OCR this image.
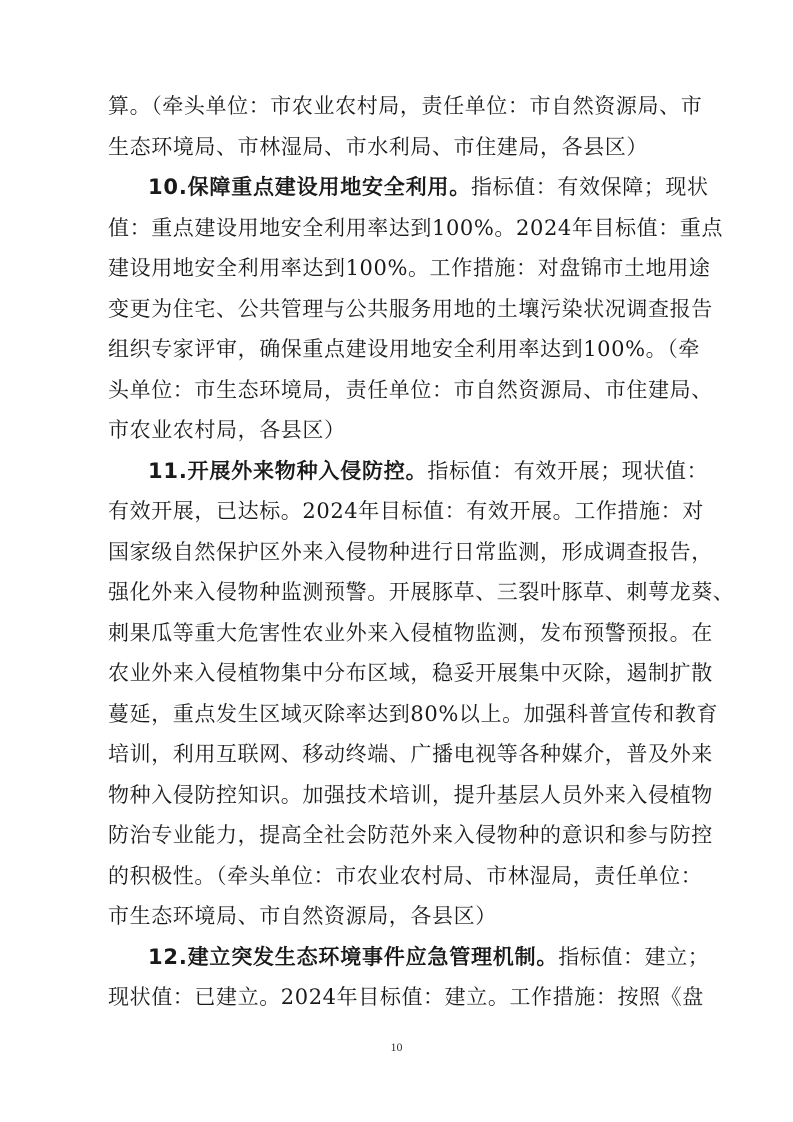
算。（牵头单位：市农业农村局，责任单位：市自然资源局、市
生态环境局、市林湿局、市水利局、市住建局，各县区）
10.保障重点建设用地安全利用。指标值：有效保障；现状
值：重点建设用地安全利用率达到100%。2024年目标值：重点
建设用地安全利用率达到100%。工作措施：对盘锦市土地用途
变更为住宅、公共管理与公共服务用地的土壤污染状况调查报告
组织专家评审，确保重点建设用地安全利用率达到100%。（牵
头单位：市生态环境局，责任单位：市自然资源局、市住建局、
市农业农村局，各县区）
11.开展外来物种入侵防控。指标值：有效开展；现状值：
有效开展，已达标。2024年目标值：有效开展。工作措施：对
国家级自然保护区外来入侵物种进行日常监测，形成调查报告，
强化外来入侵物种监测预警。开展豚草、三裂叶豚草、刺萼龙葵、
刺果瓜等重大危害性农业外来入侵植物监测，发布预警预报。在
农业外来入侵植物集中分布区域，稳妥开展集中灭除，遏制扩散
蔓延，重点发生区域灭除率达到80%以上。加强科普宣传和教育
培训，利用互联网、移动终端、广播电视等各种媒介，普及外来
物种入侵防控知识。加强技术培训，提升基层人员外来入侵植物
防治专业能力，提高全社会防范外来入侵物种的意识和参与防控
的积极性。（牵头单位：市农业农村局、市林湿局，责任单位：
市生态环境局、市自然资源局，各县区）
12.建立突发生态环境事件应急管理机制。指标值：建立；
现状值：已建立。2024年目标值：建立。工作措施：按照《盘
10
